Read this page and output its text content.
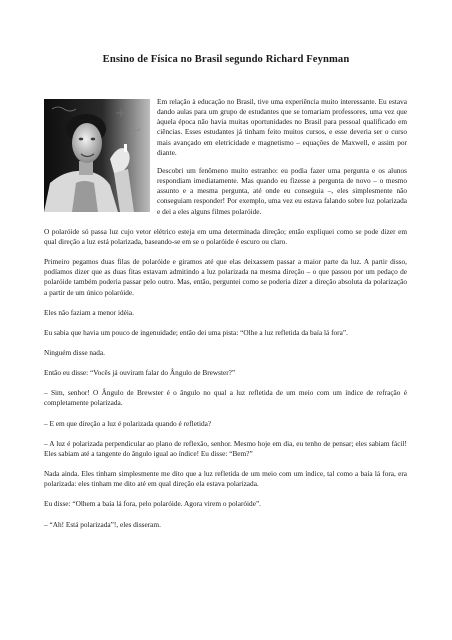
Ensino de Física no Brasil segundo Richard Feynman

Em relação à educação no Brasil, tive uma experiência muito interessante. Eu estava dando aulas para um grupo de estudantes que se tornariam professores, uma vez que àquela época não havia muitas oportunidades no Brasil para pessoal qualificado em ciências. Esses estudantes já tinham feito muitos cursos, e esse deveria ser o curso mais avançado em eletricidade e magnetismo – equações de Maxwell, e assim por diante.

Descobri um fenômeno muito estranho: eu podia fazer uma pergunta e os alunos respondiam imediatamente. Mas quando eu fizesse a pergunta de novo – o mesmo assunto e a mesma pergunta, até onde eu conseguia –, eles simplesmente não conseguiam responder! Por exemplo, uma vez eu estava falando sobre luz polarizada e dei a eles alguns filmes polaróide.

O polaróide só passa luz cujo vetor elétrico esteja em uma determinada direção; então expliquei como se pode dizer em qual direção a luz está polarizada, baseando-se em se o polaróide é escuro ou claro.

Primeiro pegamos duas filas de polaróide e giramos até que elas deixassem passar a maior parte da luz. A partir disso, podíamos dizer que as duas fitas estavam admitindo a luz polarizada na mesma direção – o que passou por um pedaço de polaróide também poderia passar pelo outro. Mas, então, perguntei como se poderia dizer a direção absoluta da polarização a partir de um único polaróide.

Eles não faziam a menor idéia.

Eu sabia que havia um pouco de ingenuidade; então dei uma pista: “Olhe a luz refletida da baía lá fora”.

Ninguém disse nada.

Então eu disse: “Vocês já ouviram falar do Ângulo de Brewster?”

– Sim, senhor! O Ângulo de Brewster é o ângulo no qual a luz refletida de um meio com um índice de refração é completamente polarizada.

– E em que direção a luz é polarizada quando é refletida?

– A luz é polarizada perpendicular ao plano de reflexão, senhor. Mesmo hoje em dia, eu tenho de pensar; eles sabiam fácil! Eles sabiam até a tangente do ângulo igual ao índice! Eu disse: “Bem?”

Nada ainda. Eles tinham simplesmente me dito que a luz refletida de um meio com um índice, tal como a baía lá fora, era polarizada: eles tinham me dito até em qual direção ela estava polarizada.

Eu disse: “Olhem a baía lá fora, pelo polaróide. Agora virem o polaróide”.

– “Ah! Está polarizada”!, eles disseram.
